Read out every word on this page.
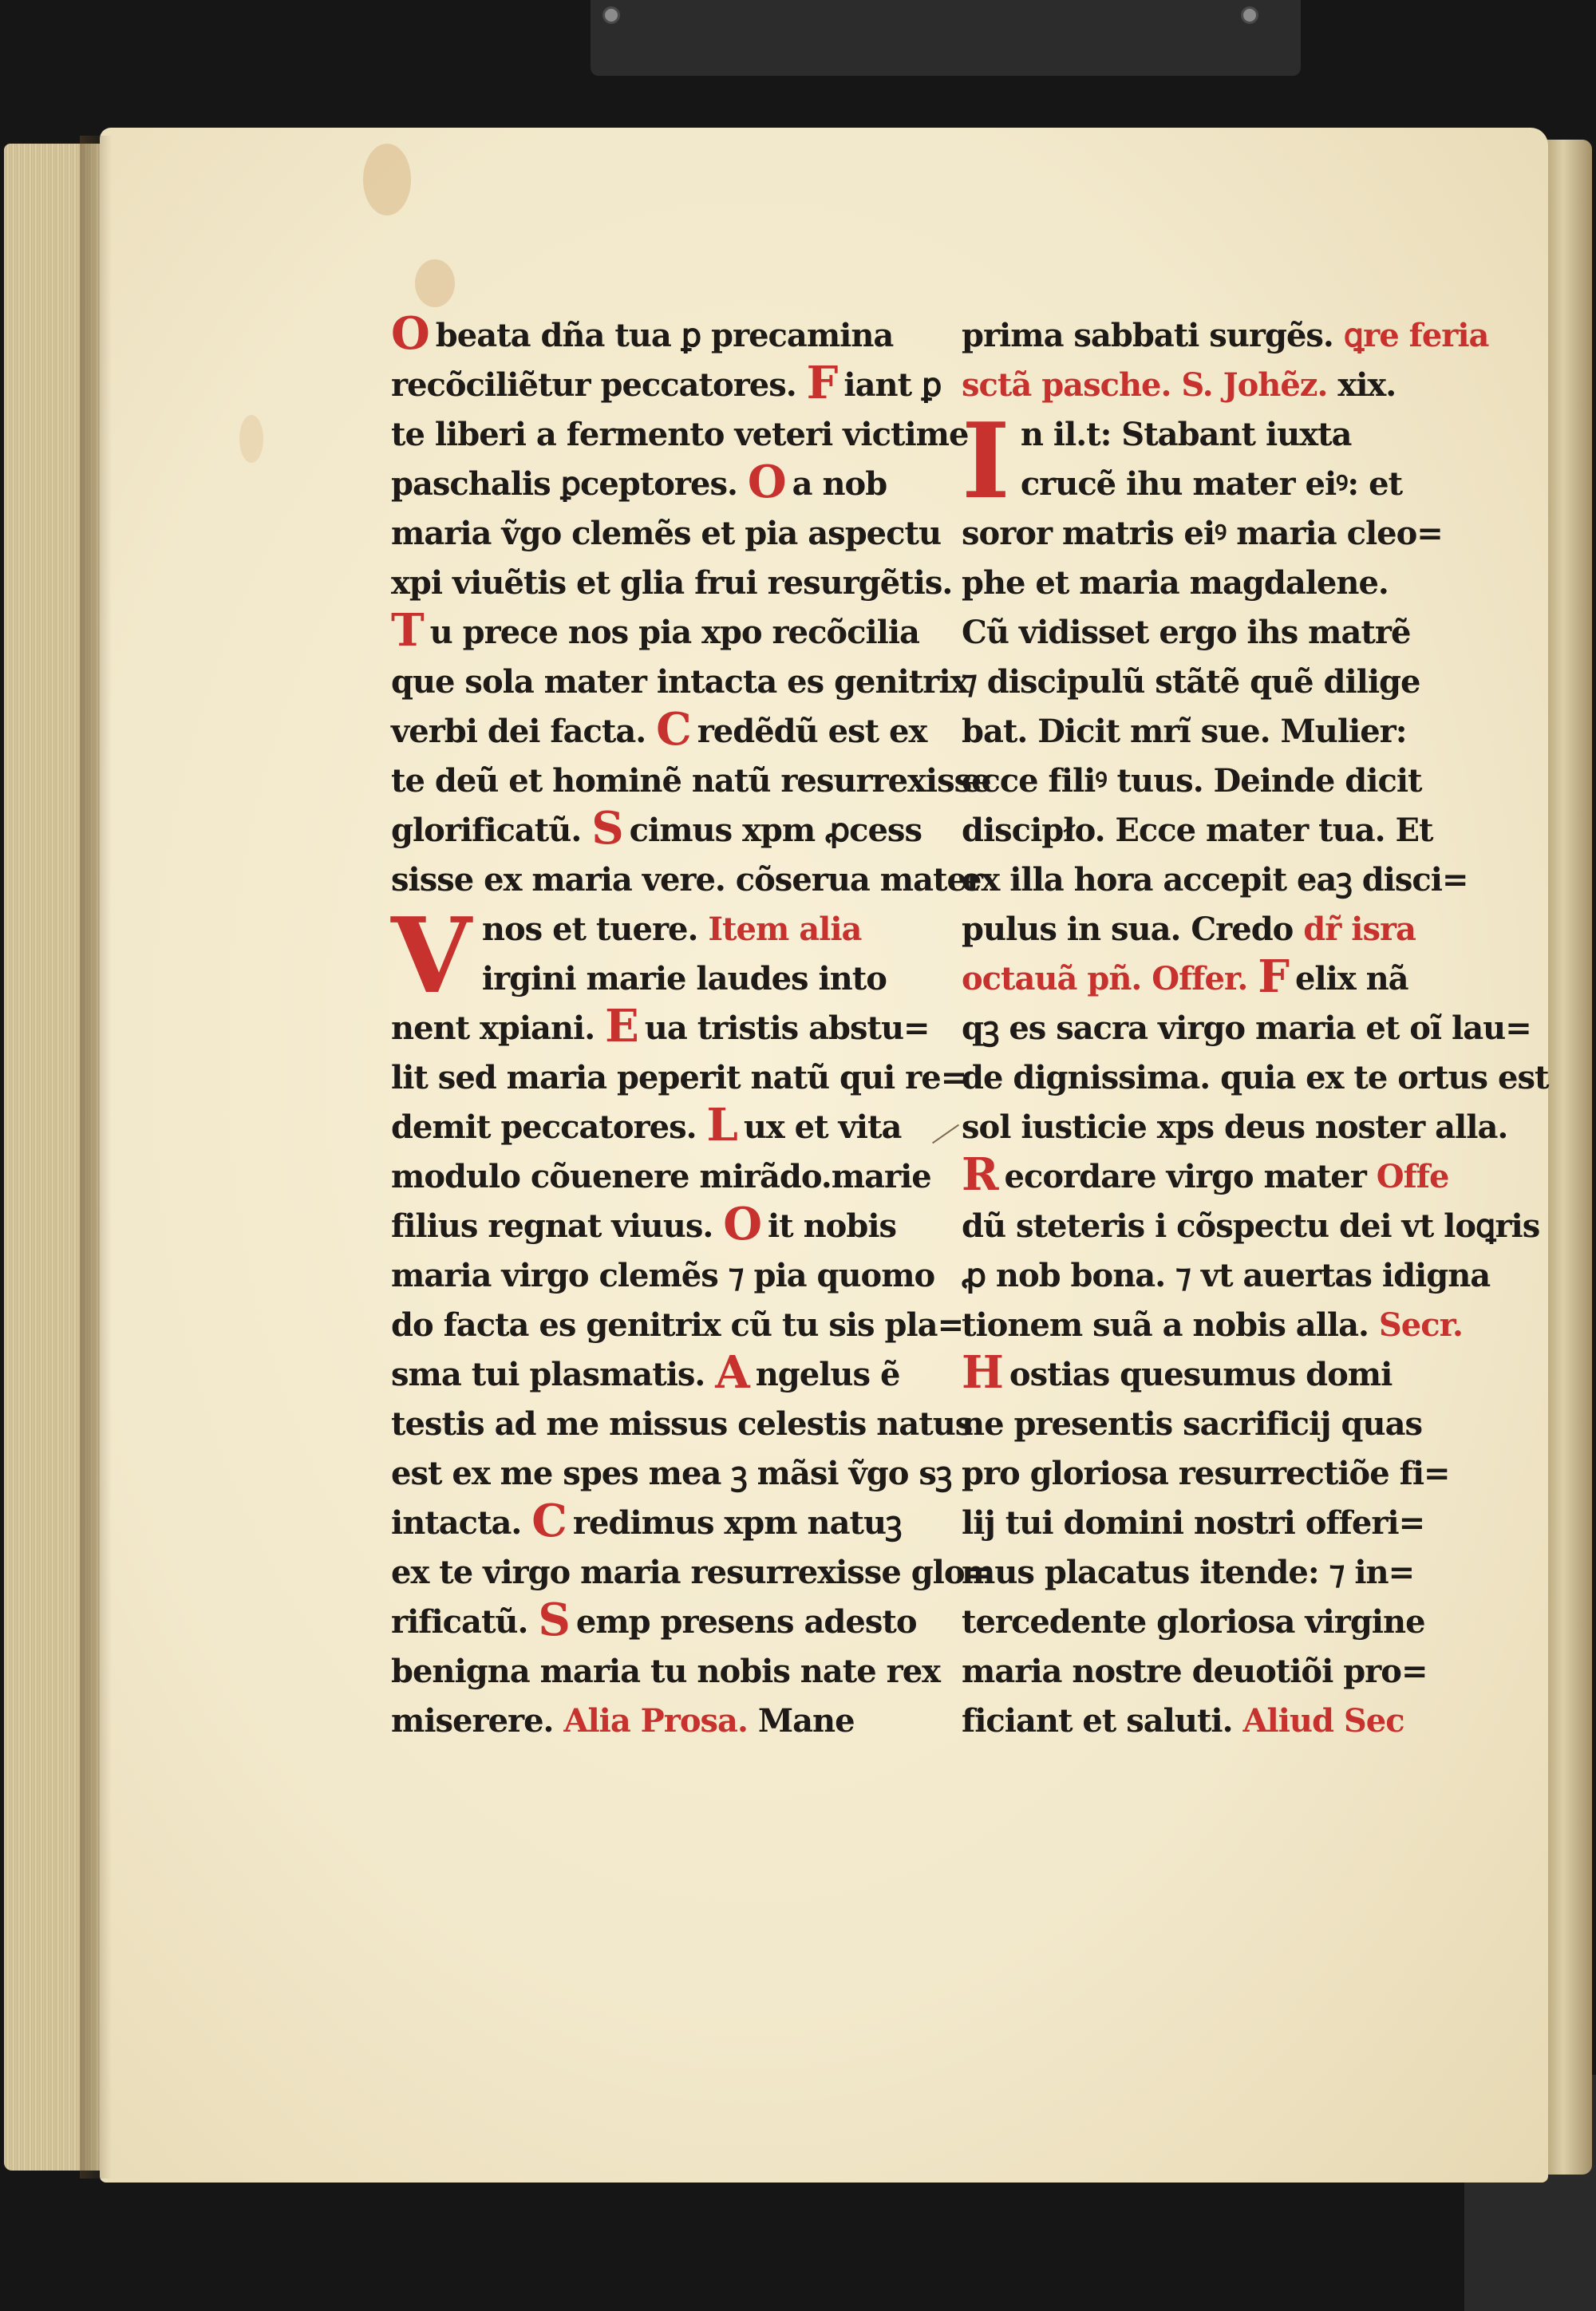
O beata dña tua ꝑ precamina
recõciliẽtur peccatores. F iant ꝑ
te liberi a fermento veteri victime
paschalis ꝑceptores. O a nob
maria ṽgo clemẽs et pia aspectu
xpi viuẽtis et glia frui resurgẽtis.
T u prece nos pia xpo recõcilia
que sola mater intacta es genitrix
verbi dei facta. C redẽdũ est ex
te deũ et hominẽ natũ resurrexisse
glorificatũ. S cimus xpm ꝓcess
sisse ex maria vere. cõserua mater
V nos et tuere. Item alia
irgini marie laudes into
nent xpiani. E ua tristis abstu=
lit sed maria peperit natũ qui re=
demit peccatores. L ux et vita
modulo cõuenere mirãdo.marie
filius regnat viuus. O it nobis
maria virgo clemẽs ⁊ pia quomo
do facta es genitrix cũ tu sis pla=
sma tui plasmatis. A ngelus ẽ
testis ad me missus celestis natus
est ex me spes mea ꝫ mãsi ṽgo sꝫ
intacta. C redimus xpm natuꝫ
ex te virgo maria resurrexisse glo=
rificatũ. S emp presens adesto
benigna maria tu nobis nate rex
miserere. Alia Prosa. Mane
prima sabbati surgẽs. ꝗre feria
sctã pasche. S. Johẽz. xix.
I n il.t: Stabant iuxta
crucẽ ihu mater eiꝰ: et
soror matris eiꝰ maria cleo=
phe et maria magdalene.
Cũ vidisset ergo ihs matrẽ
⁊ discipulũ stãtẽ quẽ dilige
bat. Dicit mrĩ sue. Mulier:
ecce filiꝰ tuus. Deinde dicit
discipło. Ecce mater tua. Et
ex illa hora accepit eaꝫ disci=
pulus in sua. Credo dr̃ isra
octauã pñ. Offer. F elix nã
qꝫ es sacra virgo maria et oĩ lau=
de dignissima. quia ex te ortus est
sol iusticie xps deus noster alla.
R ecordare virgo mater Offe
dũ steteris i cõspectu dei vt loꝗris
ꝓ nob bona. ⁊ vt auertas idigna
tionem suã a nobis alla. Secr.
H ostias quesumus domi
ne presentis sacrificij quas
pro gloriosa resurrectiõe fi=
lij tui domini nostri offeri=
mus placatus itende: ⁊ in=
tercedente gloriosa virgine
maria nostre deuotiõi pro=
ficiant et saluti. Aliud Sec
